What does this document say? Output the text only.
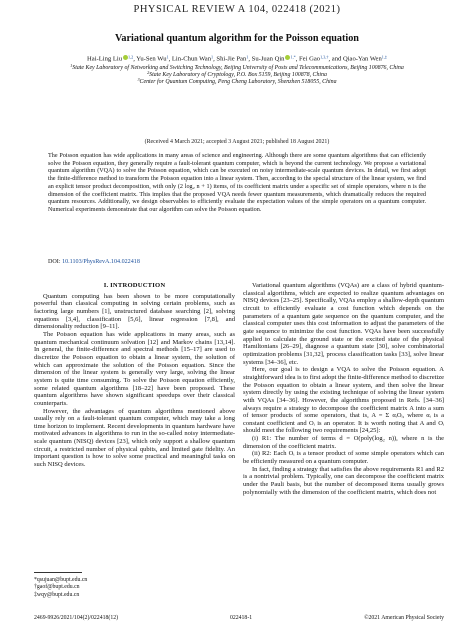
PHYSICAL REVIEW A 104, 022418 (2021)
Variational quantum algorithm for the Poisson equation
Hai-Ling Liu $^{1,2}$, Yu-Sen Wu$^1$, Lin-Chun Wan$^1$, Shi-Jie Pan$^1$, Su-Juan Qin $^{1,*}$, Fei Gao$^{1,3,\dagger}$, and Qiao-Yan Wen$^{1,\ddagger}$
$^1$State Key Laboratory of Networking and Switching Technology, Beijing University of Posts and Telecommunications, Beijing 100876, China
$^2$State Key Laboratory of Cryptology, P.O. Box 5159, Beijing 100878, China
$^3$Center for Quantum Computing, Peng Cheng Laboratory, Shenzhen 518055, China
(Received 4 March 2021; accepted 3 August 2021; published 18 August 2021)
The Poisson equation has wide applications in many areas of science and engineering. Although there are some quantum algorithms that can efficiently solve the Poisson equation, they generally require a fault-tolerant quantum computer, which is beyond the current technology. We propose a variational quantum algorithm (VQA) to solve the Poisson equation, which can be executed on noisy intermediate-scale quantum devices. In detail, we first adopt the finite-difference method to transform the Poisson equation into a linear system. Then, according to the special structure of the linear system, we find an explicit tensor product decomposition, with only (2 log₂ n + 1) items, of its coefficient matrix under a specific set of simple operators, where n is the dimension of the coefficient matrix. This implies that the proposed VQA needs fewer quantum measurements, which dramatically reduces the required quantum resources. Additionally, we design observables to efficiently evaluate the expectation values of the simple operators on a quantum computer. Numerical experiments demonstrate that our algorithm can solve the Poisson equation.
DOI: 10.1103/PhysRevA.104.022418
I. INTRODUCTION

Quantum computing has been shown to be more computationally powerful than classical computing in solving certain problems, such as factoring large numbers [1], unstructured database searching [2], solving equations [3,4], classification [5,6], linear regression [7,8], and dimensionality reduction [9–11].

The Poisson equation has wide applications in many areas, such as quantum mechanical continuum solvation [12] and Markov chains [13,14]. In general, the finite-difference and spectral methods [15–17] are used to discretize the Poisson equation to obtain a linear system, the solution of which can approximate the solution of the Poisson equation. Since the dimension of the linear system is generally very large, solving the linear system is quite time consuming. To solve the Poisson equation efficiently, some related quantum algorithms [18–22] have been proposed. These quantum algorithms have shown significant speedups over their classical counterparts.

However, the advantages of quantum algorithms mentioned above usually rely on a fault-tolerant quantum computer, which may take a long time horizon to implement. Recent developments in quantum hardware have motivated advances in algorithms to run in the so-called noisy intermediate-scale quantum (NISQ) devices [23], which only support a shallow quantum circuit, a restricted number of physical qubits, and limited gate fidelity. An important question is how to solve some practical and meaningful tasks on such NISQ devices.

Variational quantum algorithms (VQAs) are a class of hybrid quantum-classical algorithms, which are expected to realize quantum advantages on NISQ devices [23–25]. Specifically, VQAs employ a shallow-depth quantum circuit to efficiently evaluate a cost function which depends on the parameters of a quantum gate sequence on the quantum computer, and the classical computer uses this cost information to adjust the parameters of the gate sequence to minimize the cost function. VQAs have been successfully applied to calculate the ground state or the excited state of the physical Hamiltonians [26–29], diagnose a quantum state [30], solve combinatorial optimization problems [31,32], process classification tasks [33], solve linear systems [34–36], etc.

Here, our goal is to design a VQA to solve the Poisson equation. A straightforward idea is to first adopt the finite-difference method to discretize the Poisson equation to obtain a linear system, and then solve the linear system directly by using the existing technique of solving the linear system with VQAs [34–36]. However, the algorithms proposed in Refs. [34–36] always require a strategy to decompose the coefficient matrix A into a sum of tensor products of some operators, that is, A = Σ αᵢOᵢ, where αᵢ is a constant coefficient and Oᵢ is an operator. It is worth noting that A and Oᵢ should meet the following two requirements [24,25]:

(i) R1: The number of terms d = O(poly(log₂ n)), where n is the dimension of the coefficient matrix.

(ii) R2: Each Oᵢ is a tensor product of some simple operators which can be efficiently measured on a quantum computer.

In fact, finding a strategy that satisfies the above requirements R1 and R2 is a nontrivial problem. Typically, one can decompose the coefficient matrix under the Pauli basis, but the number of decomposed items usually grows polynomially with the dimension of the coefficient matrix, which does not

*qsujuan@bupt.edu.cn
†gaof@bupt.edu.cn
‡wqy@bupt.edu.cn
2469-9926/2021/104(2)/022418(12)	022418-1	©2021 American Physical Society
